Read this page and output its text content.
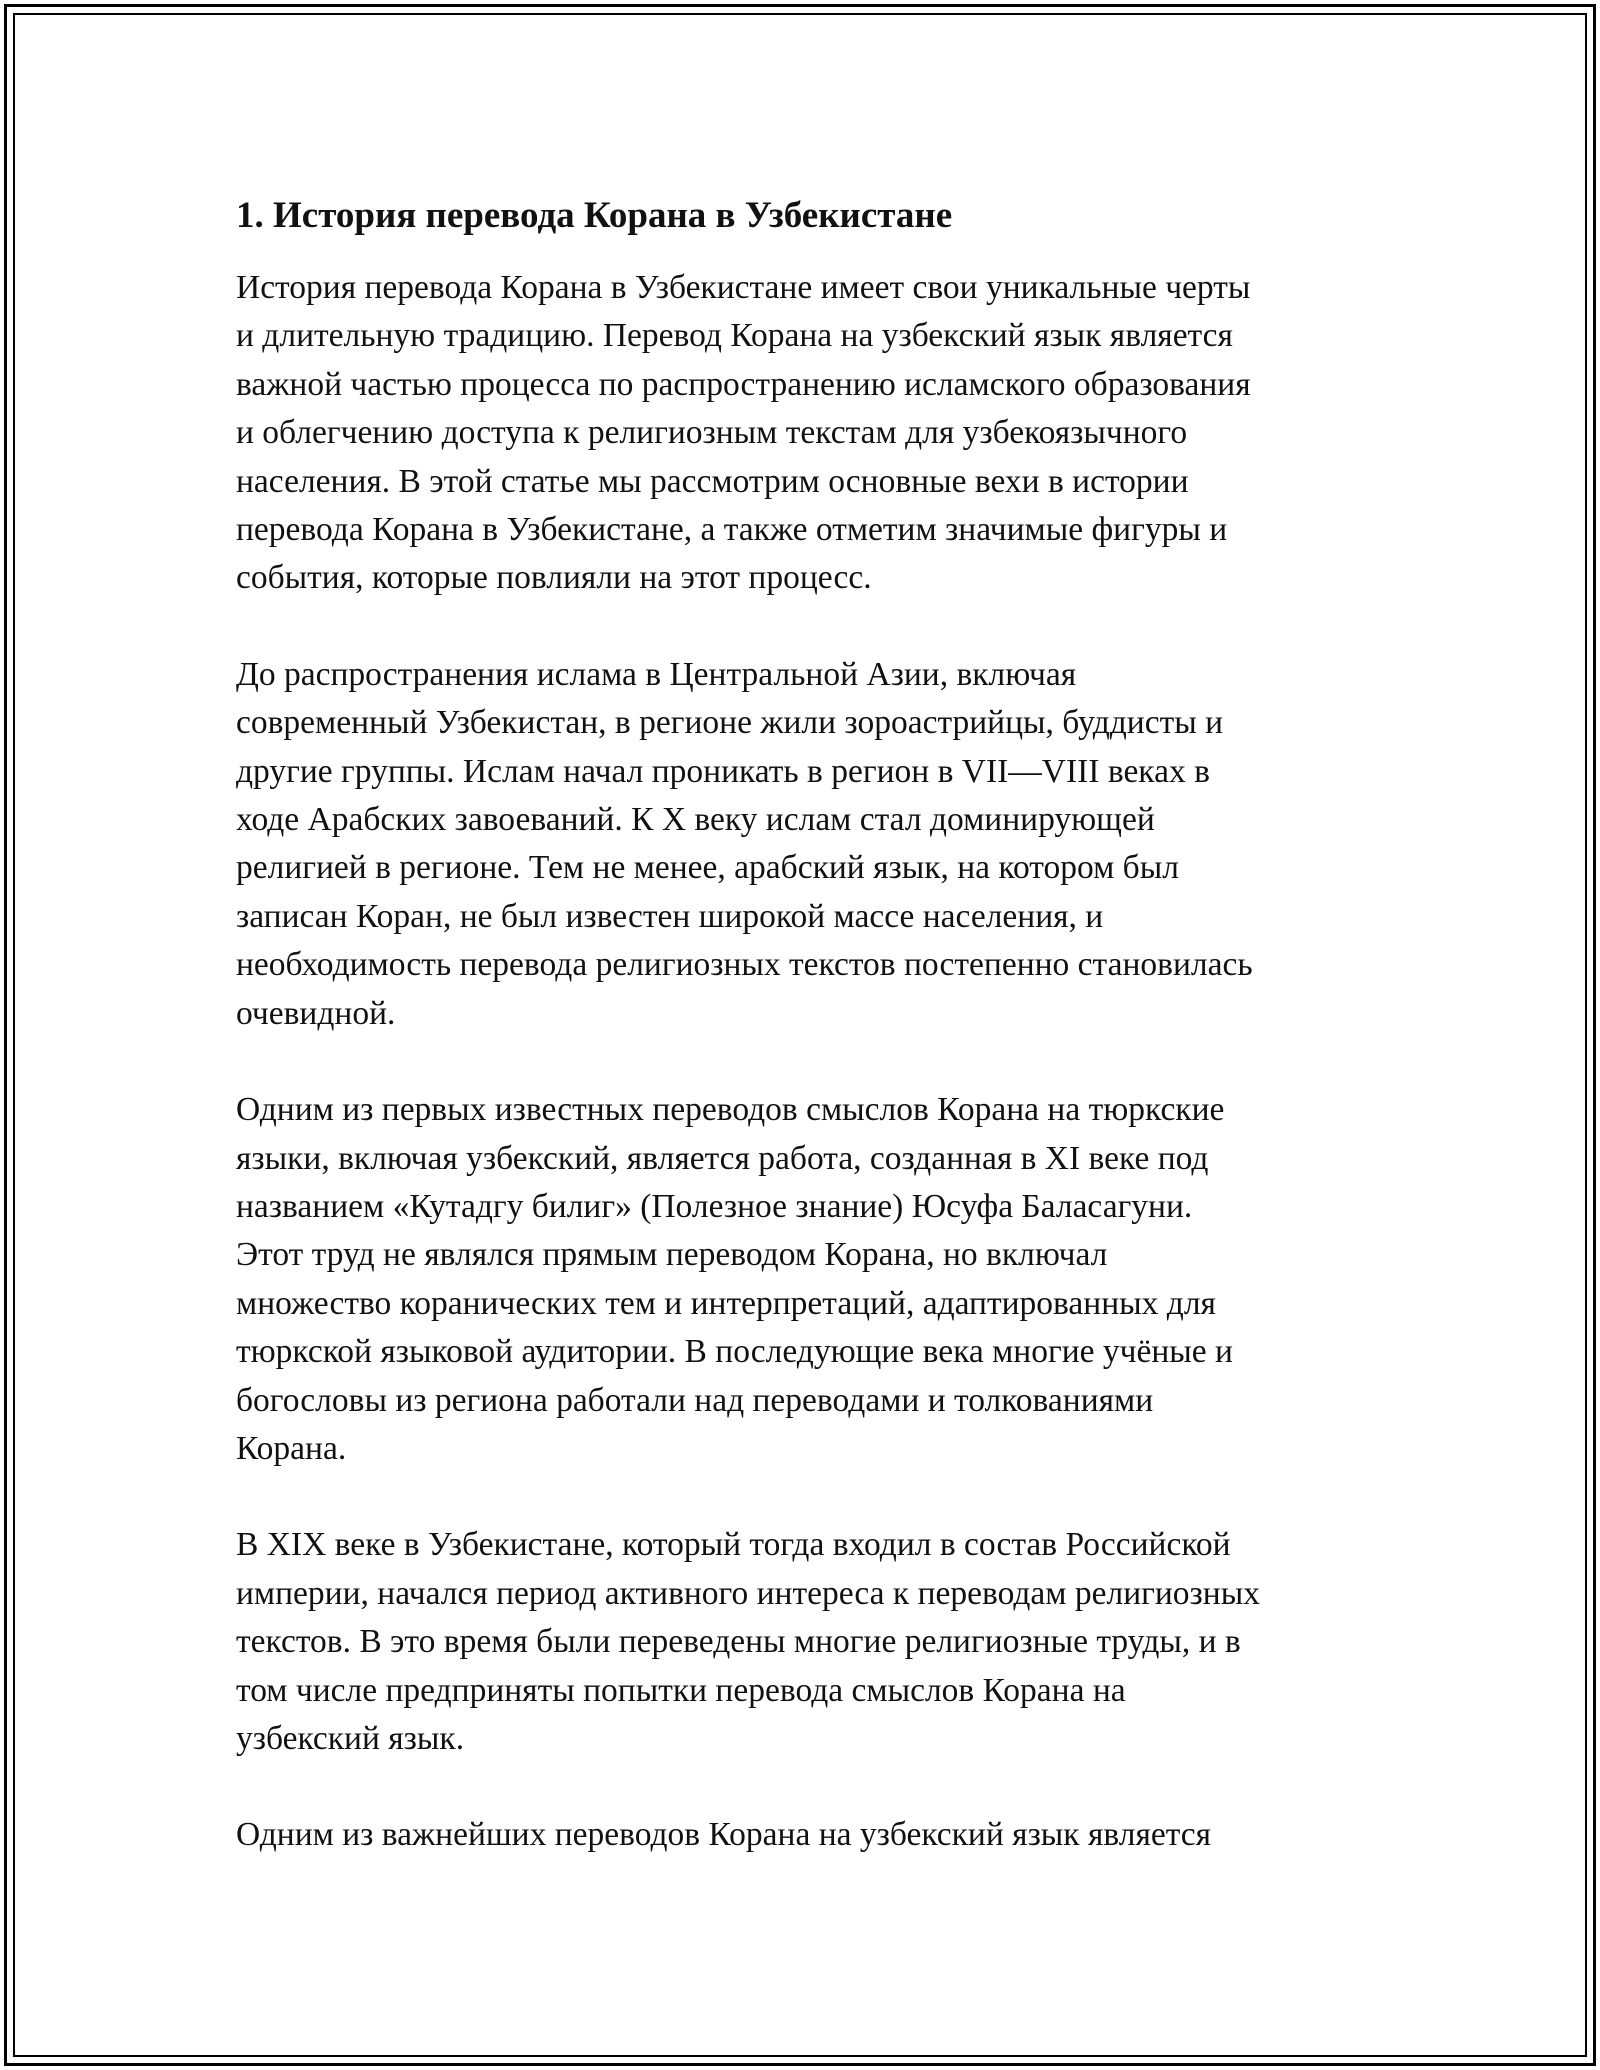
1. История перевода Корана в Узбекистане

История перевода Корана в Узбекистане имеет свои уникальные черты
и длительную традицию. Перевод Корана на узбекский язык является
важной частью процесса по распространению исламского образования
и облегчению доступа к религиозным текстам для узбекоязычного
населения. В этой статье мы рассмотрим основные вехи в истории
перевода Корана в Узбекистане, а также отметим значимые фигуры и
события, которые повлияли на этот процесс.

До распространения ислама в Центральной Азии, включая
современный Узбекистан, в регионе жили зороастрийцы, буддисты и
другие группы. Ислам начал проникать в регион в VII—VIII веках в
ходе Арабских завоеваний. К X веку ислам стал доминирующей
религией в регионе. Тем не менее, арабский язык, на котором был
записан Коран, не был известен широкой массе населения, и
необходимость перевода религиозных текстов постепенно становилась
очевидной.

Одним из первых известных переводов смыслов Корана на тюркские
языки, включая узбекский, является работа, созданная в XI веке под
названием «Кутадгу билиг» (Полезное знание) Юсуфа Баласагуни.
Этот труд не являлся прямым переводом Корана, но включал
множество коранических тем и интерпретаций, адаптированных для
тюркской языковой аудитории. В последующие века многие учёные и
богословы из региона работали над переводами и толкованиями
Корана.

В XIX веке в Узбекистане, который тогда входил в состав Российской
империи, начался период активного интереса к переводам религиозных
текстов. В это время были переведены многие религиозные труды, и в
том числе предприняты попытки перевода смыслов Корана на
узбекский язык.

Одним из важнейших переводов Корана на узбекский язык является
